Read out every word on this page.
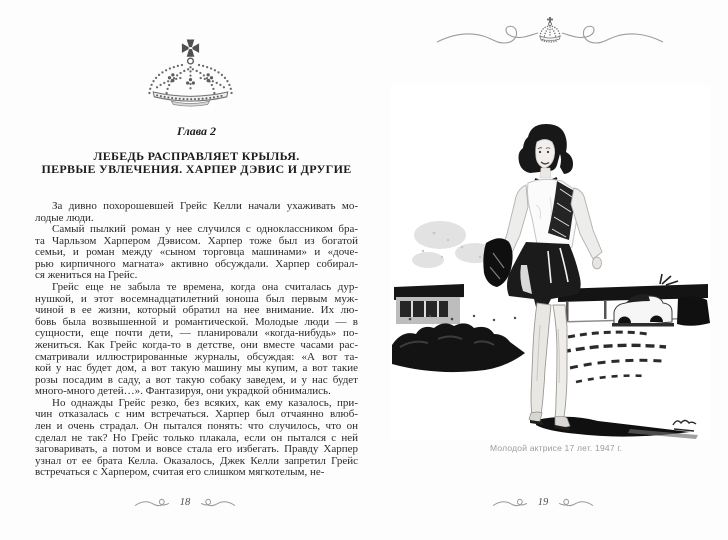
Глава 2
ЛЕБЕДЬ РАСПРАВЛЯЕТ КРЫЛЬЯ.
ПЕРВЫЕ УВЛЕЧЕНИЯ. ХАРПЕР ДЭВИС И ДРУГИЕ
За дивно похорошевшей Грейс Келли начали ухаживать мо-
лодые люди.
Самый пылкий роман у нее случился с одноклассником бра-
та Чарльзом Харпером Дэвисом. Харпер тоже был из богатой
семьи, и роман между «сыном торговца машинами» и «доче-
рью кирпичного магната» активно обсуждали. Харпер собирал-
ся жениться на Грейс.
Грейс еще не забыла те времена, когда она считалась дур-
нушкой, и этот восемнадцатилетний юноша был первым муж-
чиной в ее жизни, который обратил на нее внимание. Их лю-
бовь была возвышенной и романтической. Молодые люди — в
сущности, еще почти дети, — планировали «когда-нибудь» по-
жениться. Как Грейс когда-то в детстве, они вместе часами рас-
сматривали иллюстрированные журналы, обсуждая: «А вот та-
кой у нас будет дом, а вот такую машину мы купим, а вот такие
розы посадим в саду, а вот такую собаку заведем, и у нас будет
много-много детей…». Фантазируя, они украдкой обнимались.
Но однажды Грейс резко, без всяких, как ему казалось, при-
чин отказалась с ним встречаться. Харпер был отчаянно влюб-
лен и очень страдал. Он пытался понять: что случилось, что он
сделал не так? Но Грейс только плакала, если он пытался с ней
заговаривать, а потом и вовсе стала его избегать. Правду Харпер
узнал от ее брата Келла. Оказалось, Джек Келли запретил Грейс
встречаться с Харпером, считая его слишком мягкотелым, не-
18
Молодой актрисе 17 лет. 1947 г.
19
